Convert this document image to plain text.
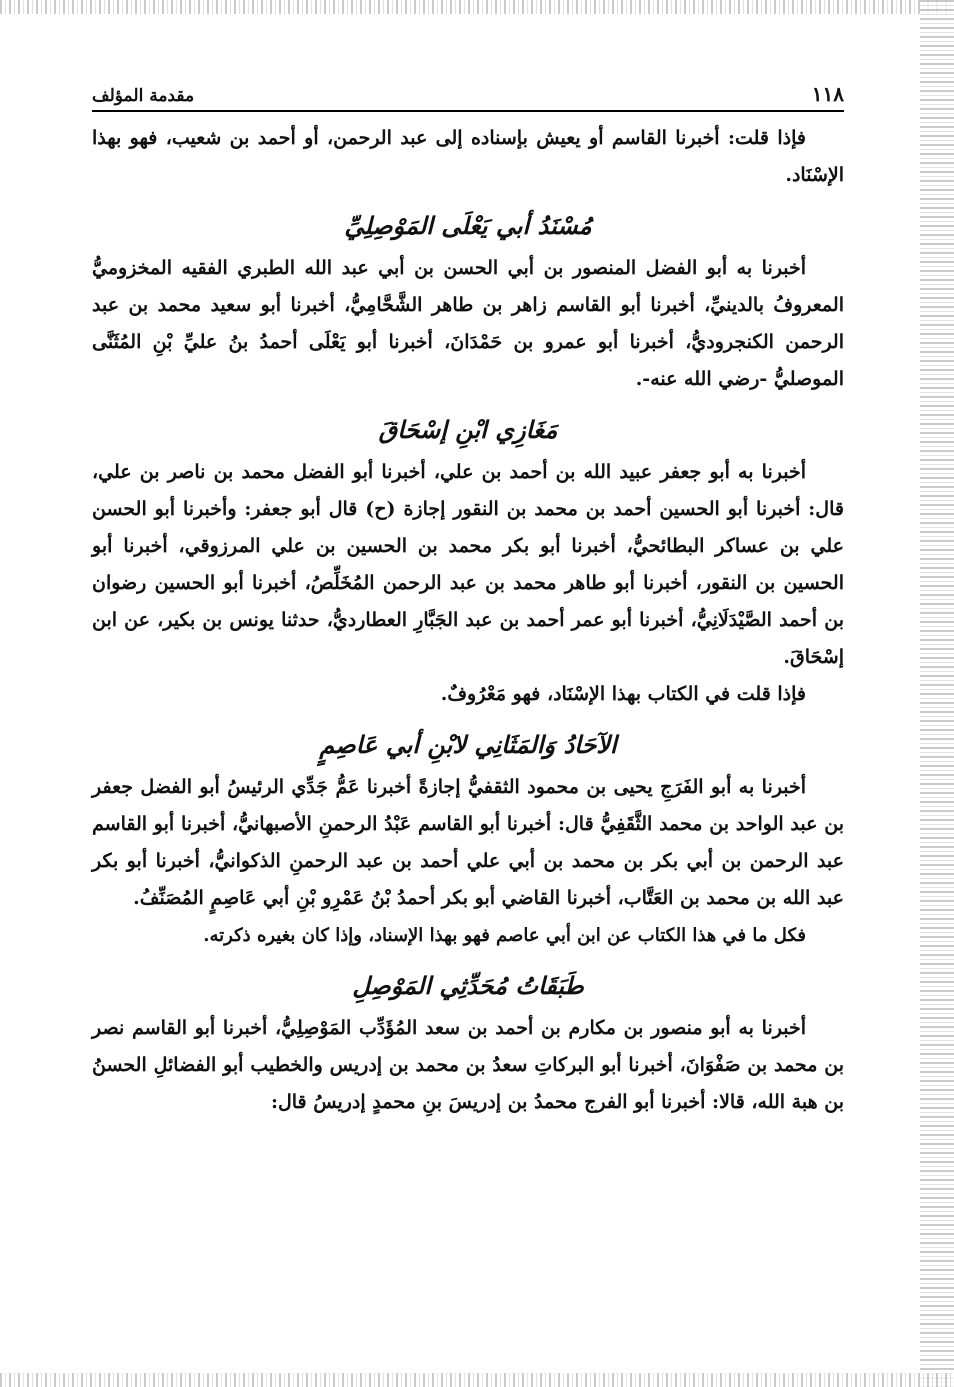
١١٨
مقدمة المؤلف

فإذا قلت: أخبرنا القاسم أو يعيش بإسناده إلى عبد الرحمن، أو أحمد بن شعيب، فهو بهذا الإسْنَاد.

مُسْنَدُ أبي يَعْلَى المَوْصِلِيِّ

أخبرنا به أبو الفضل المنصور بن أبي الحسن بن أبي عبد الله الطبري الفقيه المخزوميُّ المعروفُ بالدينيِّ، أخبرنا أبو القاسم زاهر بن طاهر الشَّحَّامِيُّ، أخبرنا أبو سعيد محمد بن عبد الرحمن الكنجروديُّ، أخبرنا أبو عمرو بن حَمْدَانَ، أخبرنا أبو يَعْلَى أحمدُ بنُ عليِّ بْنِ المُثَنَّى الموصليُّ -رضي الله عنه-.

مَغَازِي ابْنِ إسْحَاقَ

أخبرنا به أبو جعفر عبيد الله بن أحمد بن علي، أخبرنا أبو الفضل محمد بن ناصر بن علي، قال: أخبرنا أبو الحسين أحمد بن محمد بن النقور إجازة (ح) قال أبو جعفر: وأخبرنا أبو الحسن علي بن عساكر البطائحيُّ، أخبرنا أبو بكر محمد بن الحسين بن علي المرزوقي، أخبرنا أبو الحسين بن النقور، أخبرنا أبو طاهر محمد بن عبد الرحمن المُخَلِّصُ، أخبرنا أبو الحسين رضوان بن أحمد الصَّيْدَلَانِيُّ، أخبرنا أبو عمر أحمد بن عبد الجَبَّارِ العطارديُّ، حدثنا يونس بن بكير، عن ابن إسْحَاقَ.

فإذا قلت في الكتاب بهذا الإسْنَاد، فهو مَعْرُوفٌ.

الآحَادُ وَالمَثَانِي لابْنِ أبي عَاصِمٍ

أخبرنا به أبو الفَرَجِ يحيى بن محمود الثقفيُّ إجازةً أخبرنا عَمُّ جَدِّي الرئيسُ أبو الفضل جعفر بن عبد الواحد بن محمد الثَّقَفِيُّ قال: أخبرنا أبو القاسم عَبْدُ الرحمنِ الأصبهانيُّ، أخبرنا أبو القاسم عبد الرحمن بن أبي بكر بن محمد بن أبي علي أحمد بن عبد الرحمنِ الذكوانيُّ، أخبرنا أبو بكر عبد الله بن محمد بن العَتَّاب، أخبرنا القاضي أبو بكر أحمدُ بْنُ عَمْرِو بْنِ أبي عَاصِمٍ المُصَنِّفُ.

فكل ما في هذا الكتاب عن ابن أبي عاصم فهو بهذا الإسناد، وإذا كان بغيره ذكرته.

طَبَقَاتُ مُحَدِّثِي المَوْصِلِ

أخبرنا به أبو منصور بن مكارم بن أحمد بن سعد المُؤَدِّب المَوْصِلِيُّ، أخبرنا أبو القاسم نصر بن محمد بن صَفْوَانَ، أخبرنا أبو البركاتِ سعدُ بن محمد بن إدريس والخطيب أبو الفضائلِ الحسنُ بن هبة الله، قالا: أخبرنا أبو الفرج محمدُ بن إدريسَ بنِ محمدٍ إدريسُ قال:
